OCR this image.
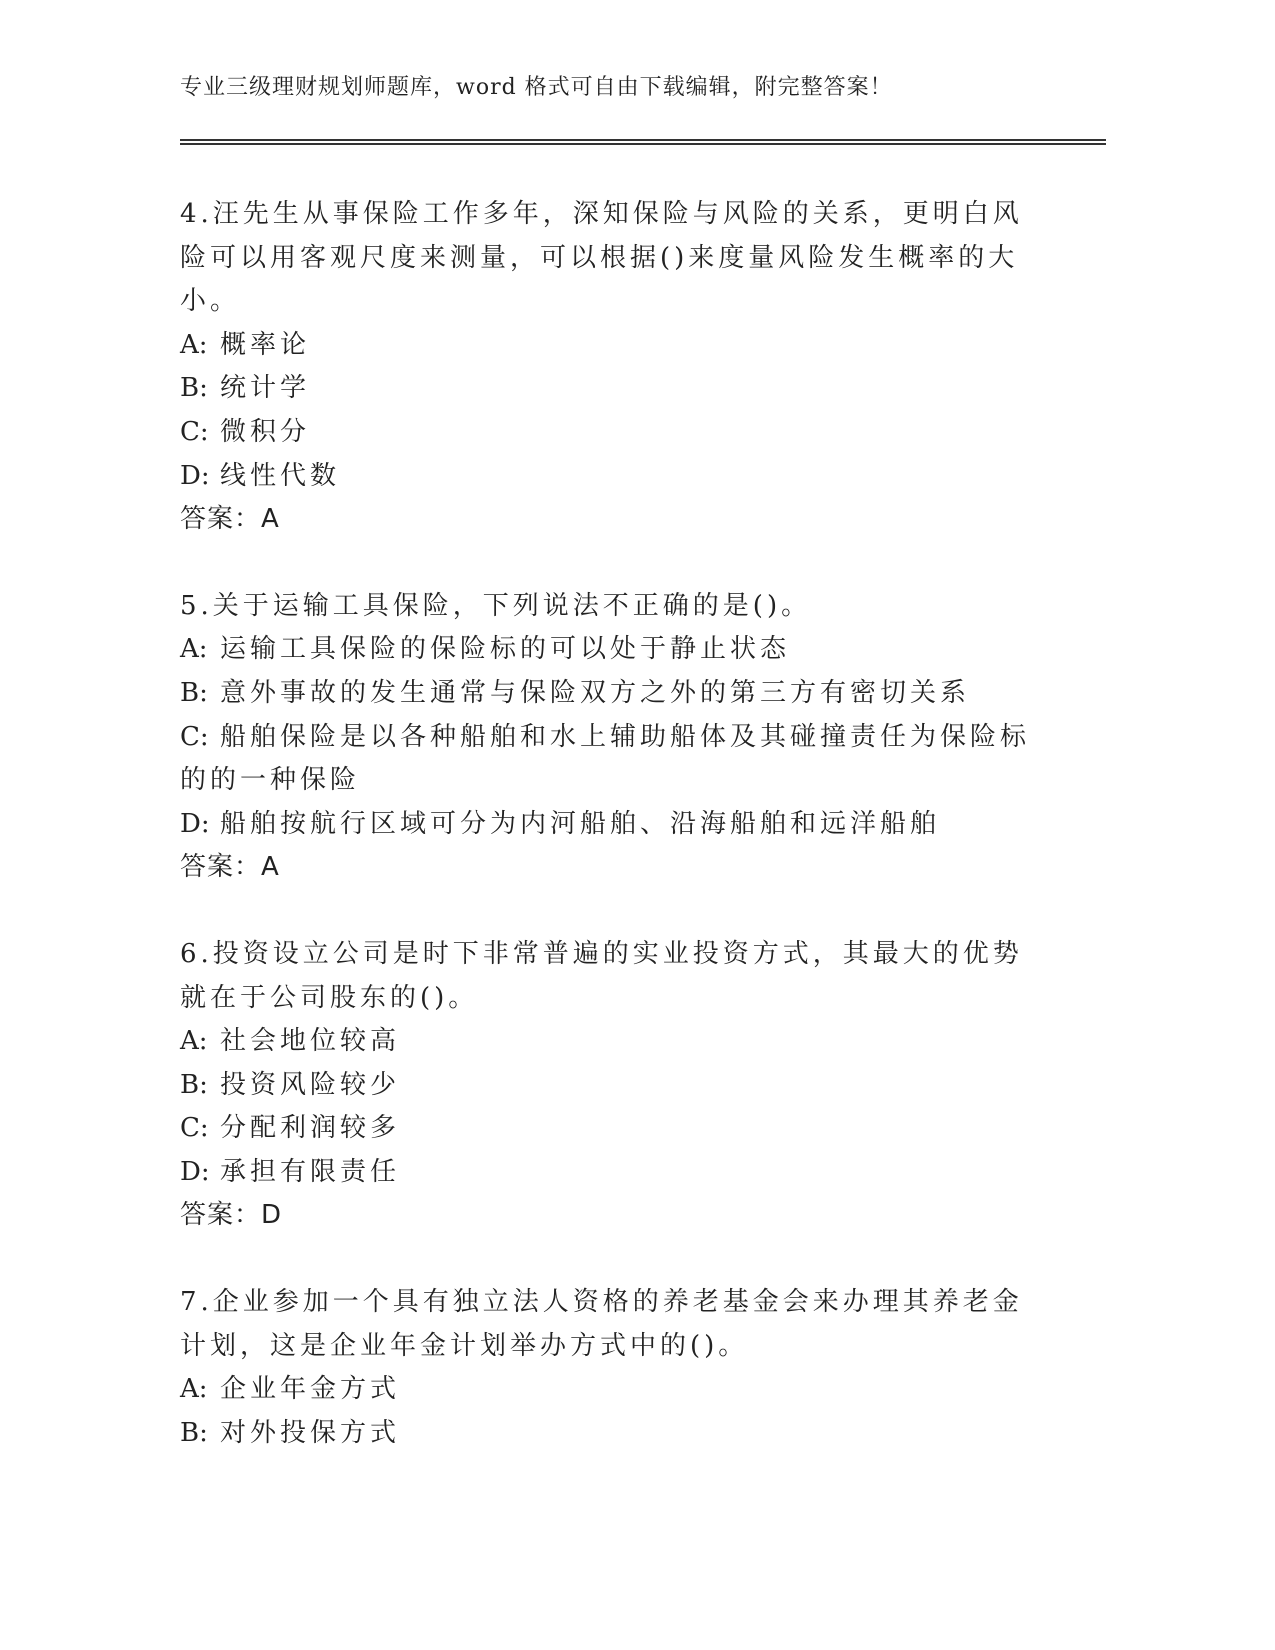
专业三级理财规划师题库，word 格式可自由下载编辑，附完整答案！

4.汪先生从事保险工作多年，深知保险与风险的关系，更明白风险可以用客观尺度来测量，可以根据()来度量风险发生概率的大小。

A: 概率论

B: 统计学

C: 微积分

D: 线性代数

答案：A

5.关于运输工具保险，下列说法不正确的是()。

A: 运输工具保险的保险标的可以处于静止状态

B: 意外事故的发生通常与保险双方之外的第三方有密切关系

C: 船舶保险是以各种船舶和水上辅助船体及其碰撞责任为保险标的的一种保险

D: 船舶按航行区域可分为内河船舶、沿海船舶和远洋船舶

答案：A

6.投资设立公司是时下非常普遍的实业投资方式，其最大的优势就在于公司股东的()。

A: 社会地位较高

B: 投资风险较少

C: 分配利润较多

D: 承担有限责任

答案：D

7.企业参加一个具有独立法人资格的养老基金会来办理其养老金计划，这是企业年金计划举办方式中的()。

A: 企业年金方式

B: 对外投保方式
